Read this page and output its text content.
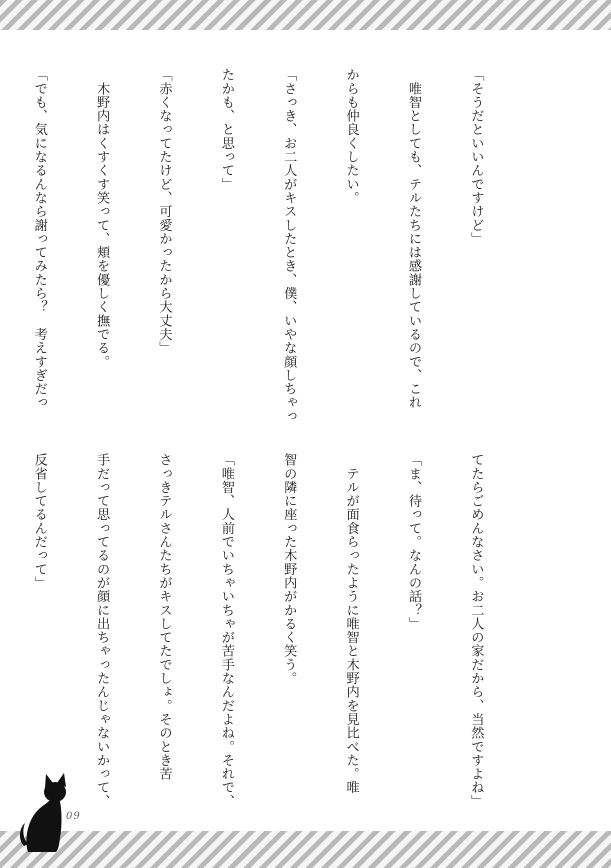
「そうだといいんですけど」

　唯智としても、テルたちには感謝しているので、これ

からも仲良くしたい。

「さっき、お二人がキスしたとき、僕、いやな顔しちゃっ

たかも、と思って」

「赤くなってたけど、可愛かったから大丈夫」

　木野内はくすくす笑って、頬を優しく撫でる。

「でも、気になるんなら謝ってみたら？　考えすぎだっ

てたらごめんなさい。お二人の家だから、当然ですよね」

「ま、待って。なんの話？」

　テルが面食らったように唯智と木野内を見比べた。唯

智の隣に座った木野内がかるく笑う。

「唯智、人前でいちゃいちゃが苦手なんだよね。それで、

さっきテルさんたちがキスしてたでしょ。そのとき苦

手だって思ってるのが顔に出ちゃったんじゃないかって、

反省してるんだって」

09
